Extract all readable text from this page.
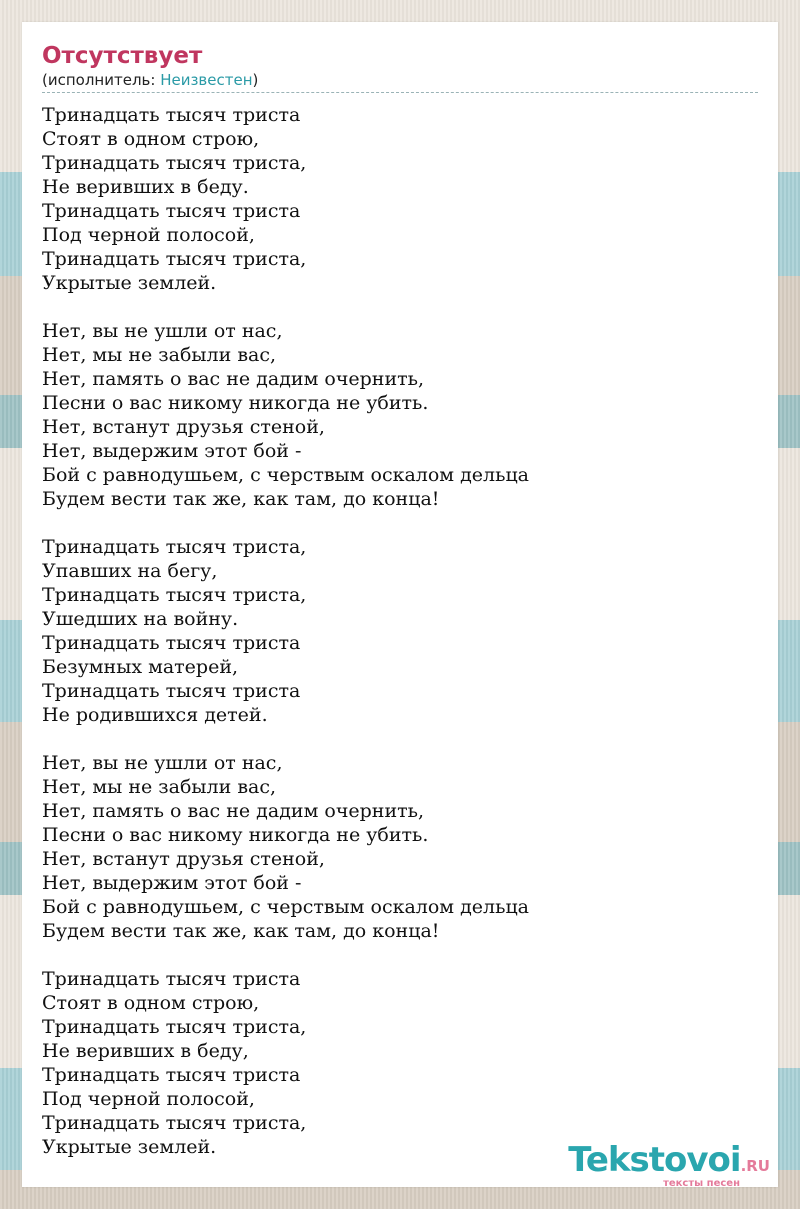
Отсутствует
(исполнитель: Неизвестен)
Тринадцать тысяч триста
Стоят в одном строю,
Тринадцать тысяч триста,
Не веривших в беду.
Тринадцать тысяч триста
Под черной полосой,
Тринадцать тысяч триста,
Укрытые землей.
Нет, вы не ушли от нас,
Нет, мы не забыли вас,
Нет, память о вас не дадим очернить,
Песни о вас никому никогда не убить.
Нет, встанут друзья стеной,
Нет, выдержим этот бой -
Бой с равнодушьем, с черствым оскалом дельца
Будем вести так же, как там, до конца!
Тринадцать тысяч триста,
Упавших на бегу,
Тринадцать тысяч триста,
Ушедших на войну.
Тринадцать тысяч триста
Безумных матерей,
Тринадцать тысяч триста
Не родившихся детей.
Нет, вы не ушли от нас,
Нет, мы не забыли вас,
Нет, память о вас не дадим очернить,
Песни о вас никому никогда не убить.
Нет, встанут друзья стеной,
Нет, выдержим этот бой -
Бой с равнодушьем, с черствым оскалом дельца
Будем вести так же, как там, до конца!
Тринадцать тысяч триста
Стоят в одном строю,
Тринадцать тысяч триста,
Не веривших в беду,
Тринадцать тысяч триста
Под черной полосой,
Тринадцать тысяч триста,
Укрытые землей.	Tekstovoi.RU
тексты песен
